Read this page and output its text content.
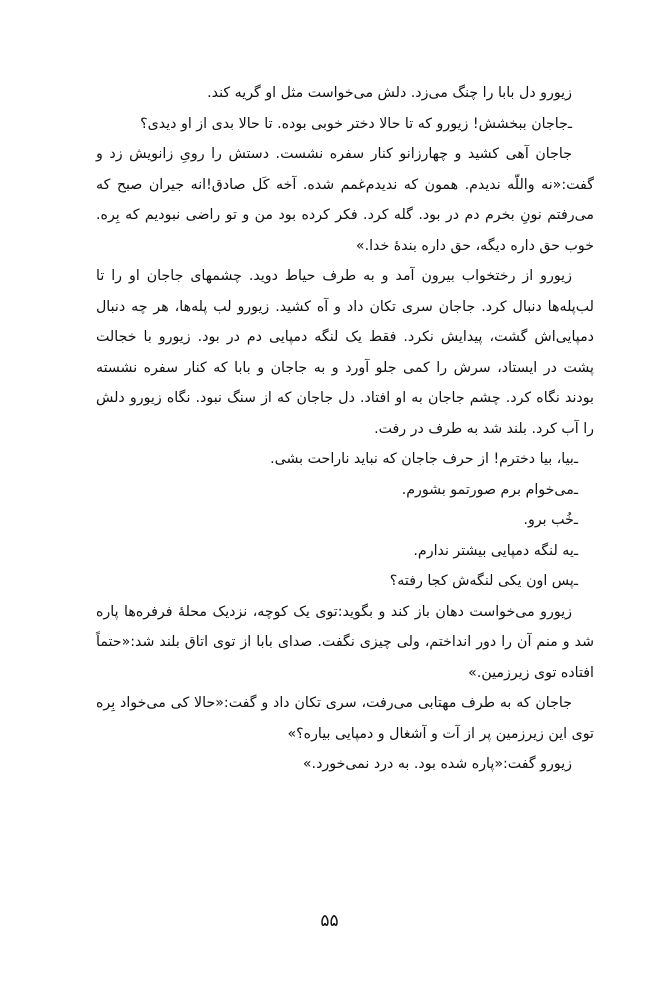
زیورو دل بابا را چنگ می‌زد. دلش می‌خواست مثل او گریه کند.

ـ‌جاجان ببخشش! زیورو که تا حالا دختر خوبی بوده. تا حالا بدی از او دیدی؟

جاجان آهی کشید و چهارزانو کنار سفره نشست. دستش را رویِ زانویش زد و گفت:«نه واللّه ندیدم. همون که ندیدم‌غمم شده. آخه کَل صادق!انه جیران صبح که می‌رفتم نونِ بخرم دم در بود. گله کرد. فکر کرده بود من و تو راضی نبودیم که بِره. خوب حق داره دیگه، حق داره بندهٔ خدا.»

زیورو از رختخواب بیرون آمد و به طرف حیاط دوید. چشمهای جاجان او را تا لب‌پله‌ها دنبال کرد. جاجان سری تکان داد و آه کشید. زیورو لب پله‌ها، هر چه دنبال دمپایی‌اش گشت، پیدایش نکرد. فقط یک لنگه دمپایی دم در بود. زیورو با خجالت پشت در ایستاد، سرش را کمی جلو آورد و به جاجان و بابا که کنار سفره نشسته بودند نگاه کرد. چشم جاجان به او افتاد. دل جاجان که از سنگ نبود. نگاه زیورو دلش را آب کرد. بلند شد به طرف در رفت.

ـ‌بیا، بیا دخترم! از حرف جاجان که نباید ناراحت بشی.

ـ‌می‌خوام برم صورتمو بشورم.

ـ‌خُب برو.

ـ‌یه لنگه دمپایی بیشتر ندارم.

ـ‌پس اون یکی لنگه‌ش کجا رفته؟

زیورو می‌خواست دهان باز کند و بگوید:توی یک کوچه، نزدیک محلهٔ فرفره‌ها پاره شد و منم آن را دور انداختم، ولی چیزی نگفت. صدای بابا از توی اتاق بلند شد:«حتماً افتاده توی زیرزمین.»

جاجان که به طرف مهتابی می‌رفت، سری تکان داد و گفت:«حالا کی می‌خواد بِره توی این زیرزمین پر از آت و آشغال و دمپایی بیاره؟»

زیورو گفت:«پاره شده بود. به درد نمی‌خورد.»

۵۵
